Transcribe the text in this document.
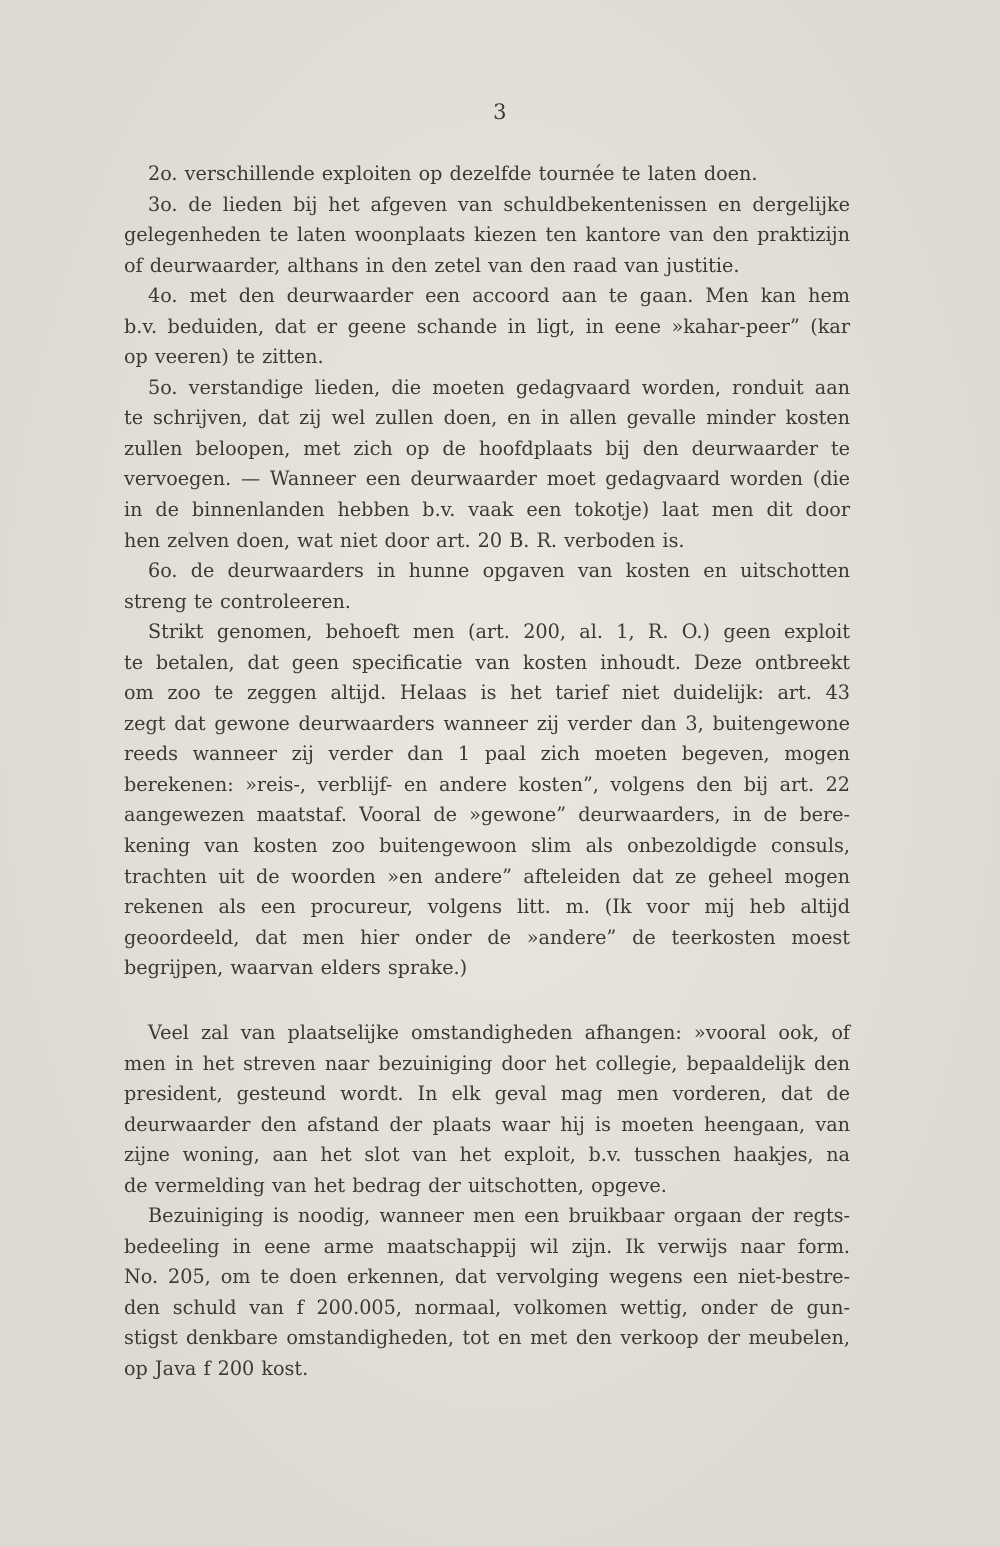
3
2o. verschillende exploiten op dezelfde tournée te laten doen.
3o. de lieden bij het afgeven van schuldbekentenissen en dergelijke
gelegenheden te laten woonplaats kiezen ten kantore van den praktizijn
of deurwaarder, althans in den zetel van den raad van justitie.
4o. met den deurwaarder een accoord aan te gaan. Men kan hem
b.v. beduiden, dat er geene schande in ligt, in eene »kahar-peer” (kar
op veeren) te zitten.
5o. verstandige lieden, die moeten gedagvaard worden, ronduit aan
te schrijven, dat zij wel zullen doen, en in allen gevalle minder kosten
zullen beloopen, met zich op de hoofdplaats bij den deurwaarder te
vervoegen. — Wanneer een deurwaarder moet gedagvaard worden (die
in de binnenlanden hebben b.v. vaak een tokotje) laat men dit door
hen zelven doen, wat niet door art. 20 B. R. verboden is.
6o. de deurwaarders in hunne opgaven van kosten en uitschotten
streng te controleeren.
Strikt genomen, behoeft men (art. 200, al. 1, R. O.) geen exploit
te betalen, dat geen specificatie van kosten inhoudt. Deze ontbreekt
om zoo te zeggen altijd. Helaas is het tarief niet duidelijk: art. 43
zegt dat gewone deurwaarders wanneer zij verder dan 3, buitengewone
reeds wanneer zij verder dan 1 paal zich moeten begeven, mogen
berekenen: »reis-, verblijf- en andere kosten”, volgens den bij art. 22
aangewezen maatstaf. Vooral de »gewone” deurwaarders, in de bere-
kening van kosten zoo buitengewoon slim als onbezoldigde consuls,
trachten uit de woorden »en andere” afteleiden dat ze geheel mogen
rekenen als een procureur, volgens litt. m. (Ik voor mij heb altijd
geoordeeld, dat men hier onder de »andere” de teerkosten moest
begrijpen, waarvan elders sprake.)
Veel zal van plaatselijke omstandigheden afhangen: »vooral ook, of
men in het streven naar bezuiniging door het collegie, bepaaldelijk den
president, gesteund wordt. In elk geval mag men vorderen, dat de
deurwaarder den afstand der plaats waar hij is moeten heengaan, van
zijne woning, aan het slot van het exploit, b.v. tusschen haakjes, na
de vermelding van het bedrag der uitschotten, opgeve.
Bezuiniging is noodig, wanneer men een bruikbaar orgaan der regts-
bedeeling in eene arme maatschappij wil zijn. Ik verwijs naar form.
No. 205, om te doen erkennen, dat vervolging wegens een niet-bestre-
den schuld van f 200.005, normaal, volkomen wettig, onder de gun-
stigst denkbare omstandigheden, tot en met den verkoop der meubelen,
op Java f 200 kost.
